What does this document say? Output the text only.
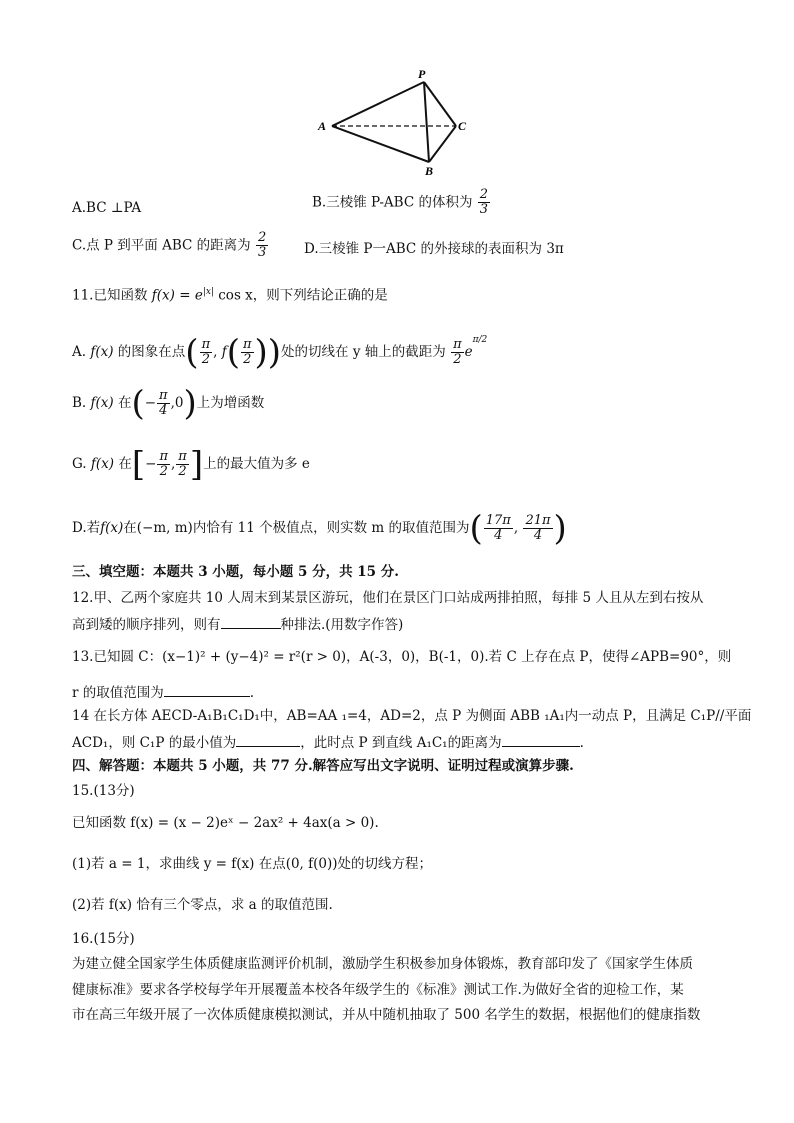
P
A	C
B
A.BC ⊥PA	B.三棱锥 P-ABC 的体积为 $\frac{2}{3}$
C.点 P 到平面 ABC 的距离为 $\frac{2}{3}$	D.三棱锥 P一ABC 的外接球的表面积为 3π
11.已知函数 $f(x) = e^{|x|}$ cos x，则下列结论正确的是
A. f(x) 的图象在点( $\frac{\pi}{2}$ , $f( \frac{\pi}{2}$ ))处的切线在 y 轴上的截距为 $\frac{\pi}{2} e^{\pi/2}$
B. f(x) 在(− $\frac{\pi}{4} ,0$)上为增函数
G. f(x) 在[− $\frac{\pi}{2}$ , $\frac{\pi}{2}$ ]上的最大值为多 e
D.若f(x)在(−m, m)内恰有 11 个极值点，则实数 m 的取值范围为( $\frac{17\pi}{4}$ , $\frac{21\pi}{4}$ )
三、填空题：本题共 3 小题，每小题 5 分，共 15 分.
12.甲、乙两个家庭共 10 人周末到某景区游玩，他们在景区门口站成两排拍照，每排 5 人且从左到右按从
高到矮的顺序排列，则有	种排法.(用数字作答)
13.已知圆 C：(x−1)² + (y−4)² = r²(r > 0)，A(-3，0)，B(-1，0).若 C 上存在点 P，使得∠APB=90°，则
r 的取值范围为	.
14 在长方体 AECD-A₁B₁C₁D₁中，AB=AA ₁=4，AD=2，点 P 为侧面 ABB ₁A₁内一动点 P，且满足 C₁P//平面
ACD₁，则 C₁P 的最小值为	，此时点 P 到直线 A₁C₁的距离为	.
四、解答题：本题共 5 小题，共 77 分.解答应写出文字说明、证明过程或演算步骤.
15.(13分)
已知函数 f(x) = (x − 2)eˣ − 2ax² + 4ax(a > 0).
(1)若 a = 1，求曲线 y = f(x) 在点(0, f(0))处的切线方程；
(2)若 f(x) 恰有三个零点，求 a 的取值范围.
16.(15分)
为建立健全国家学生体质健康监测评价机制，激励学生积极参加身体锻炼，教育部印发了《国家学生体质
健康标准》要求各学校每学年开展覆盖本校各年级学生的《标准》测试工作.为做好全省的迎检工作，某
市在高三年级开展了一次体质健康模拟测试，并从中随机抽取了 500 名学生的数据，根据他们的健康指数
